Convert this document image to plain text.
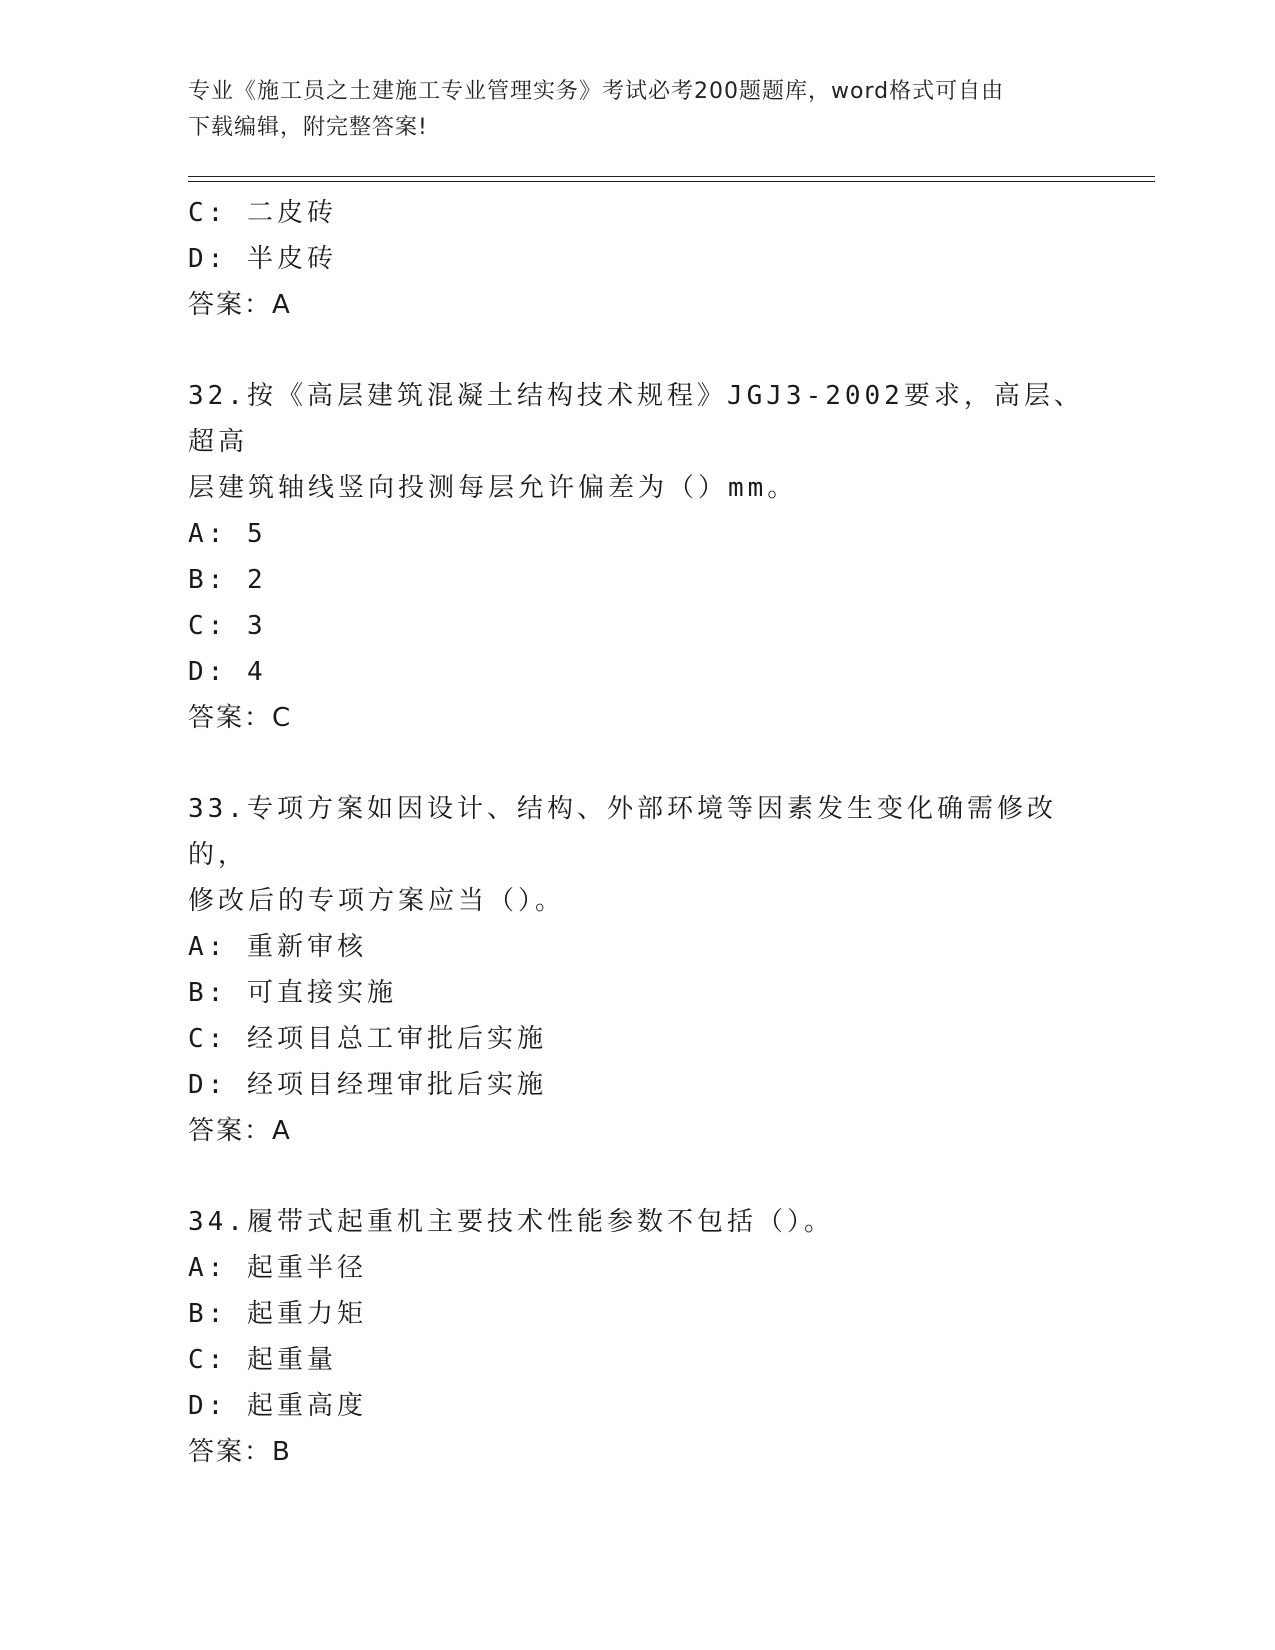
专业《施工员之土建施工专业管理实务》考试必考200题题库，word格式可自由
下载编辑，附完整答案!
C: 二皮砖
D: 半皮砖
答案：A
32.按《高层建筑混凝土结构技术规程》JGJ3-2002要求，高层、超高
层建筑轴线竖向投测每层允许偏差为（）mm。
A: 5
B: 2
C: 3
D: 4
答案：C
33.专项方案如因设计、结构、外部环境等因素发生变化确需修改的，
修改后的专项方案应当（）。
A: 重新审核
B: 可直接实施
C: 经项目总工审批后实施
D: 经项目经理审批后实施
答案：A
34.履带式起重机主要技术性能参数不包括（）。
A: 起重半径
B: 起重力矩
C: 起重量
D: 起重高度
答案：B
